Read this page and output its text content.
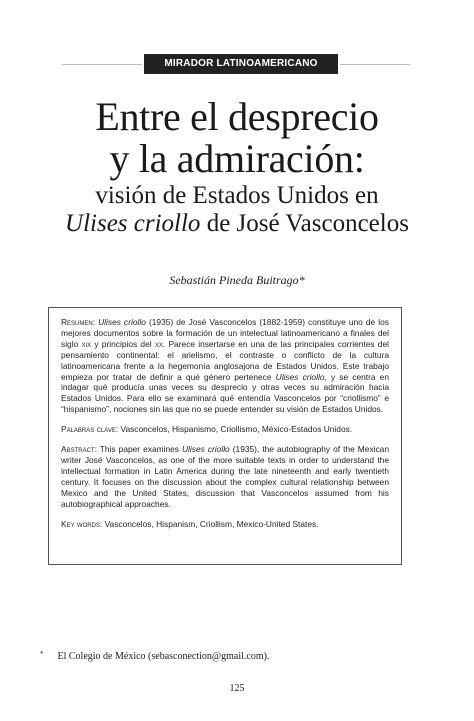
MIRADOR LATINOAMERICANO
Entre el desprecio
y la admiración:
visión de Estados Unidos en
Ulises criollo de José Vasconcelos
Sebastián Pineda Buitrago*

Resumen: Ulises criollo (1935) de José Vasconcelos (1882-1959) constituye uno de los mejores documentos sobre la formación de un intelectual latinoamericano a finales del siglo xix y principios del xx. Parece insertarse en una de las principales corrientes del pensamiento continental: el arielismo, el contraste o conflicto de la cultura latinoamericana frente a la hegemonía anglosajona de Estados Unidos. Este trabajo empieza por tratar de definir a qué género pertenece Ulises criollo, y se centra en indagar qué producía unas veces su desprecio y otras veces su admiración hacia Estados Unidos. Para ello se examinará qué entendía Vasconcelos por “criollismo” e “hispanismo”, nociones sin las que no se puede entender su visión de Estados Unidos.

Palabras clave: Vasconcelos, Hispanismo, Criollismo, México-Estados Unidos.

Abstract: This paper examines Ulises criollo (1935), the autobiography of the Mexican writer José Vasconcelos, as one of the more suitable texts in order to understand the intellectual formation in Latin America during the late nineteenth and early twentieth century. It focuses on the discussion about the complex cultural relationship between Mexico and the United States, discussion that Vasconcelos assumed from his autobiographical approaches.

Key words: Vasconcelos, Hispanism, Criollism, Mexico-United States.

* El Colegio de México (sebasconection@gmail.com).
125
